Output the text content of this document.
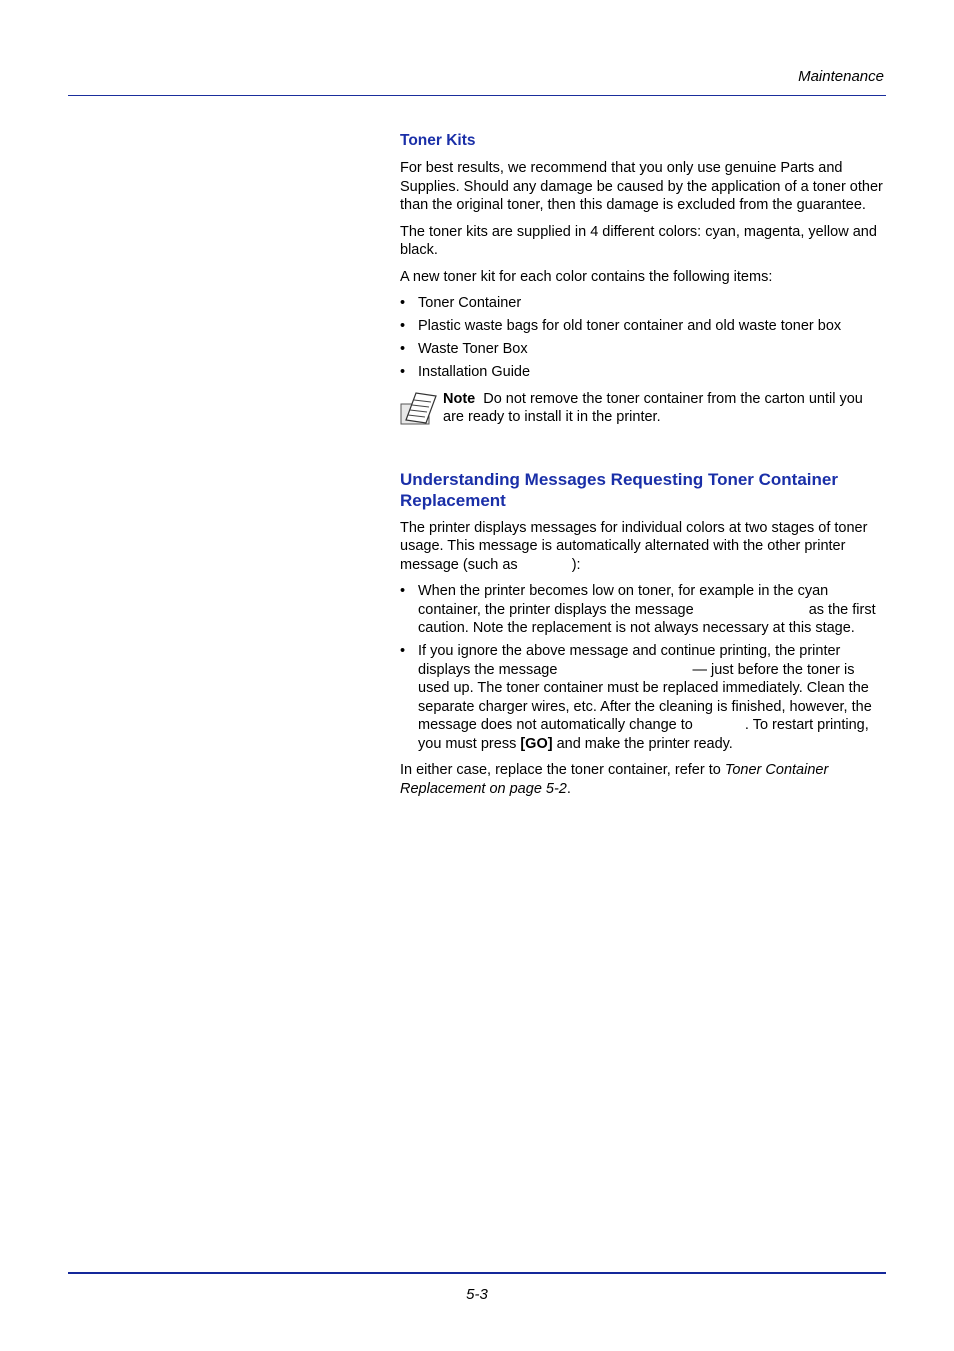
Maintenance
Toner Kits

For best results, we recommend that you only use genuine Parts and Supplies. Should any damage be caused by the application of a toner other than the original toner, then this damage is excluded from the guarantee.

The toner kits are supplied in 4 different colors: cyan, magenta, yellow and black.

A new toner kit for each color contains the following items:

• Toner Container
• Plastic waste bags for old toner container and old waste toner box
• Waste Toner Box
• Installation Guide
Note Do not remove the toner container from the carton until you are ready to install it in the printer.
Understanding Messages Requesting Toner Container Replacement

The printer displays messages for individual colors at two stages of toner usage. This message is automatically alternated with the other printer message (such as	):

• When the printer becomes low on toner, for example in the cyan container, the printer displays the message	as the first caution. Note the replacement is not always necessary at this stage.
• If you ignore the above message and continue printing, the printer displays the message	— just before the toner is used up. The toner container must be replaced immediately. Clean the separate charger wires, etc. After the cleaning is finished, however, the message does not automatically change to	. To restart printing, you must press [GO] and make the printer ready.

In either case, replace the toner container, refer to Toner Container Replacement on page 5-2.

5-3
